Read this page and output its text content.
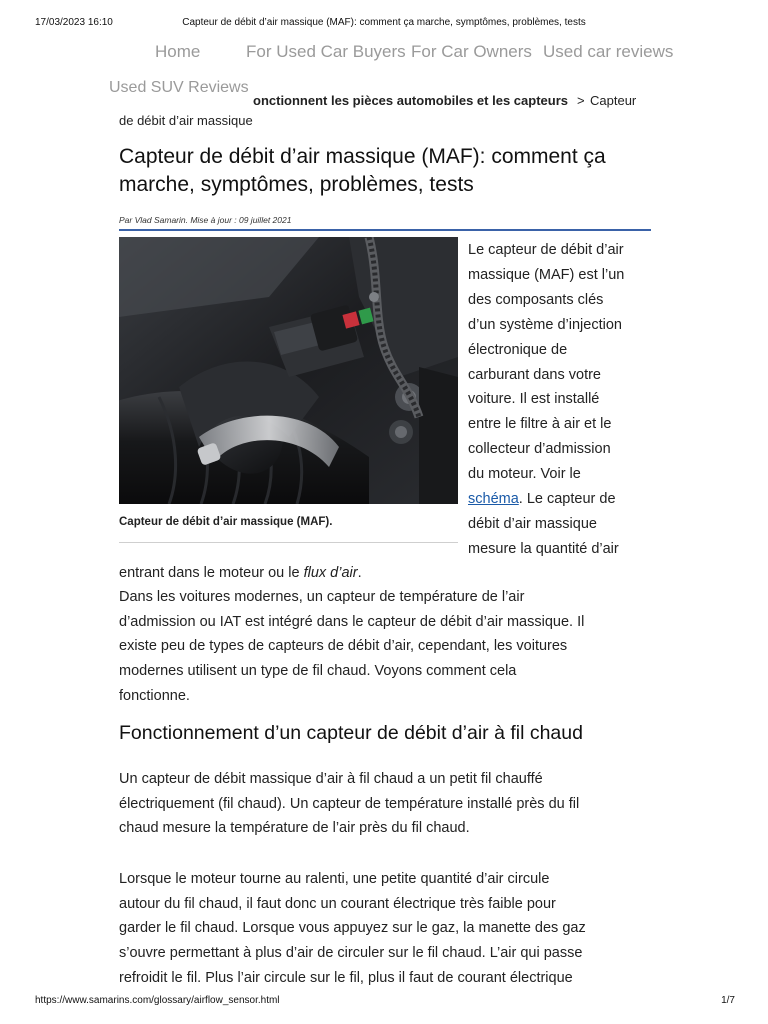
17/03/2023 16:10	Capteur de débit d’air massique (MAF): comment ça marche, symptômes, problèmes, tests
Home	For Used Car Buyers For Car Owners Used car reviews
Used SUV Reviews
onctionnent les pièces automobiles et les capteurs > Capteur
de débit d’air massique
Capteur de débit d’air massique (MAF): comment ça
marche, symptômes, problèmes, tests
Par Vlad Samarin. Mise à jour : 09 juillet 2021
Capteur de débit d’air massique (MAF).
Le capteur de débit d’air
massique (MAF) est l’un
des composants clés
d’un système d’injection
électronique de
carburant dans votre
voiture. Il est installé
entre le filtre à air et le
collecteur d’admission
du moteur. Voir le
schéma. Le capteur de
débit d’air massique
mesure la quantité d’air
entrant dans le moteur ou le flux d’air.
Dans les voitures modernes, un capteur de température de l’air
d’admission ou IAT est intégré dans le capteur de débit d’air massique. Il
existe peu de types de capteurs de débit d’air, cependant, les voitures
modernes utilisent un type de fil chaud. Voyons comment cela
fonctionne.
Fonctionnement d’un capteur de débit d’air à fil chaud
Un capteur de débit massique d’air à fil chaud a un petit fil chauffé
électriquement (fil chaud). Un capteur de température installé près du fil
chaud mesure la température de l’air près du fil chaud.
Lorsque le moteur tourne au ralenti, une petite quantité d’air circule
autour du fil chaud, il faut donc un courant électrique très faible pour
garder le fil chaud. Lorsque vous appuyez sur le gaz, la manette des gaz
s’ouvre permettant à plus d’air de circuler sur le fil chaud. L’air qui passe
refroidit le fil. Plus l’air circule sur le fil, plus il faut de courant électrique
https://www.samarins.com/glossary/airflow_sensor.html	1/7
